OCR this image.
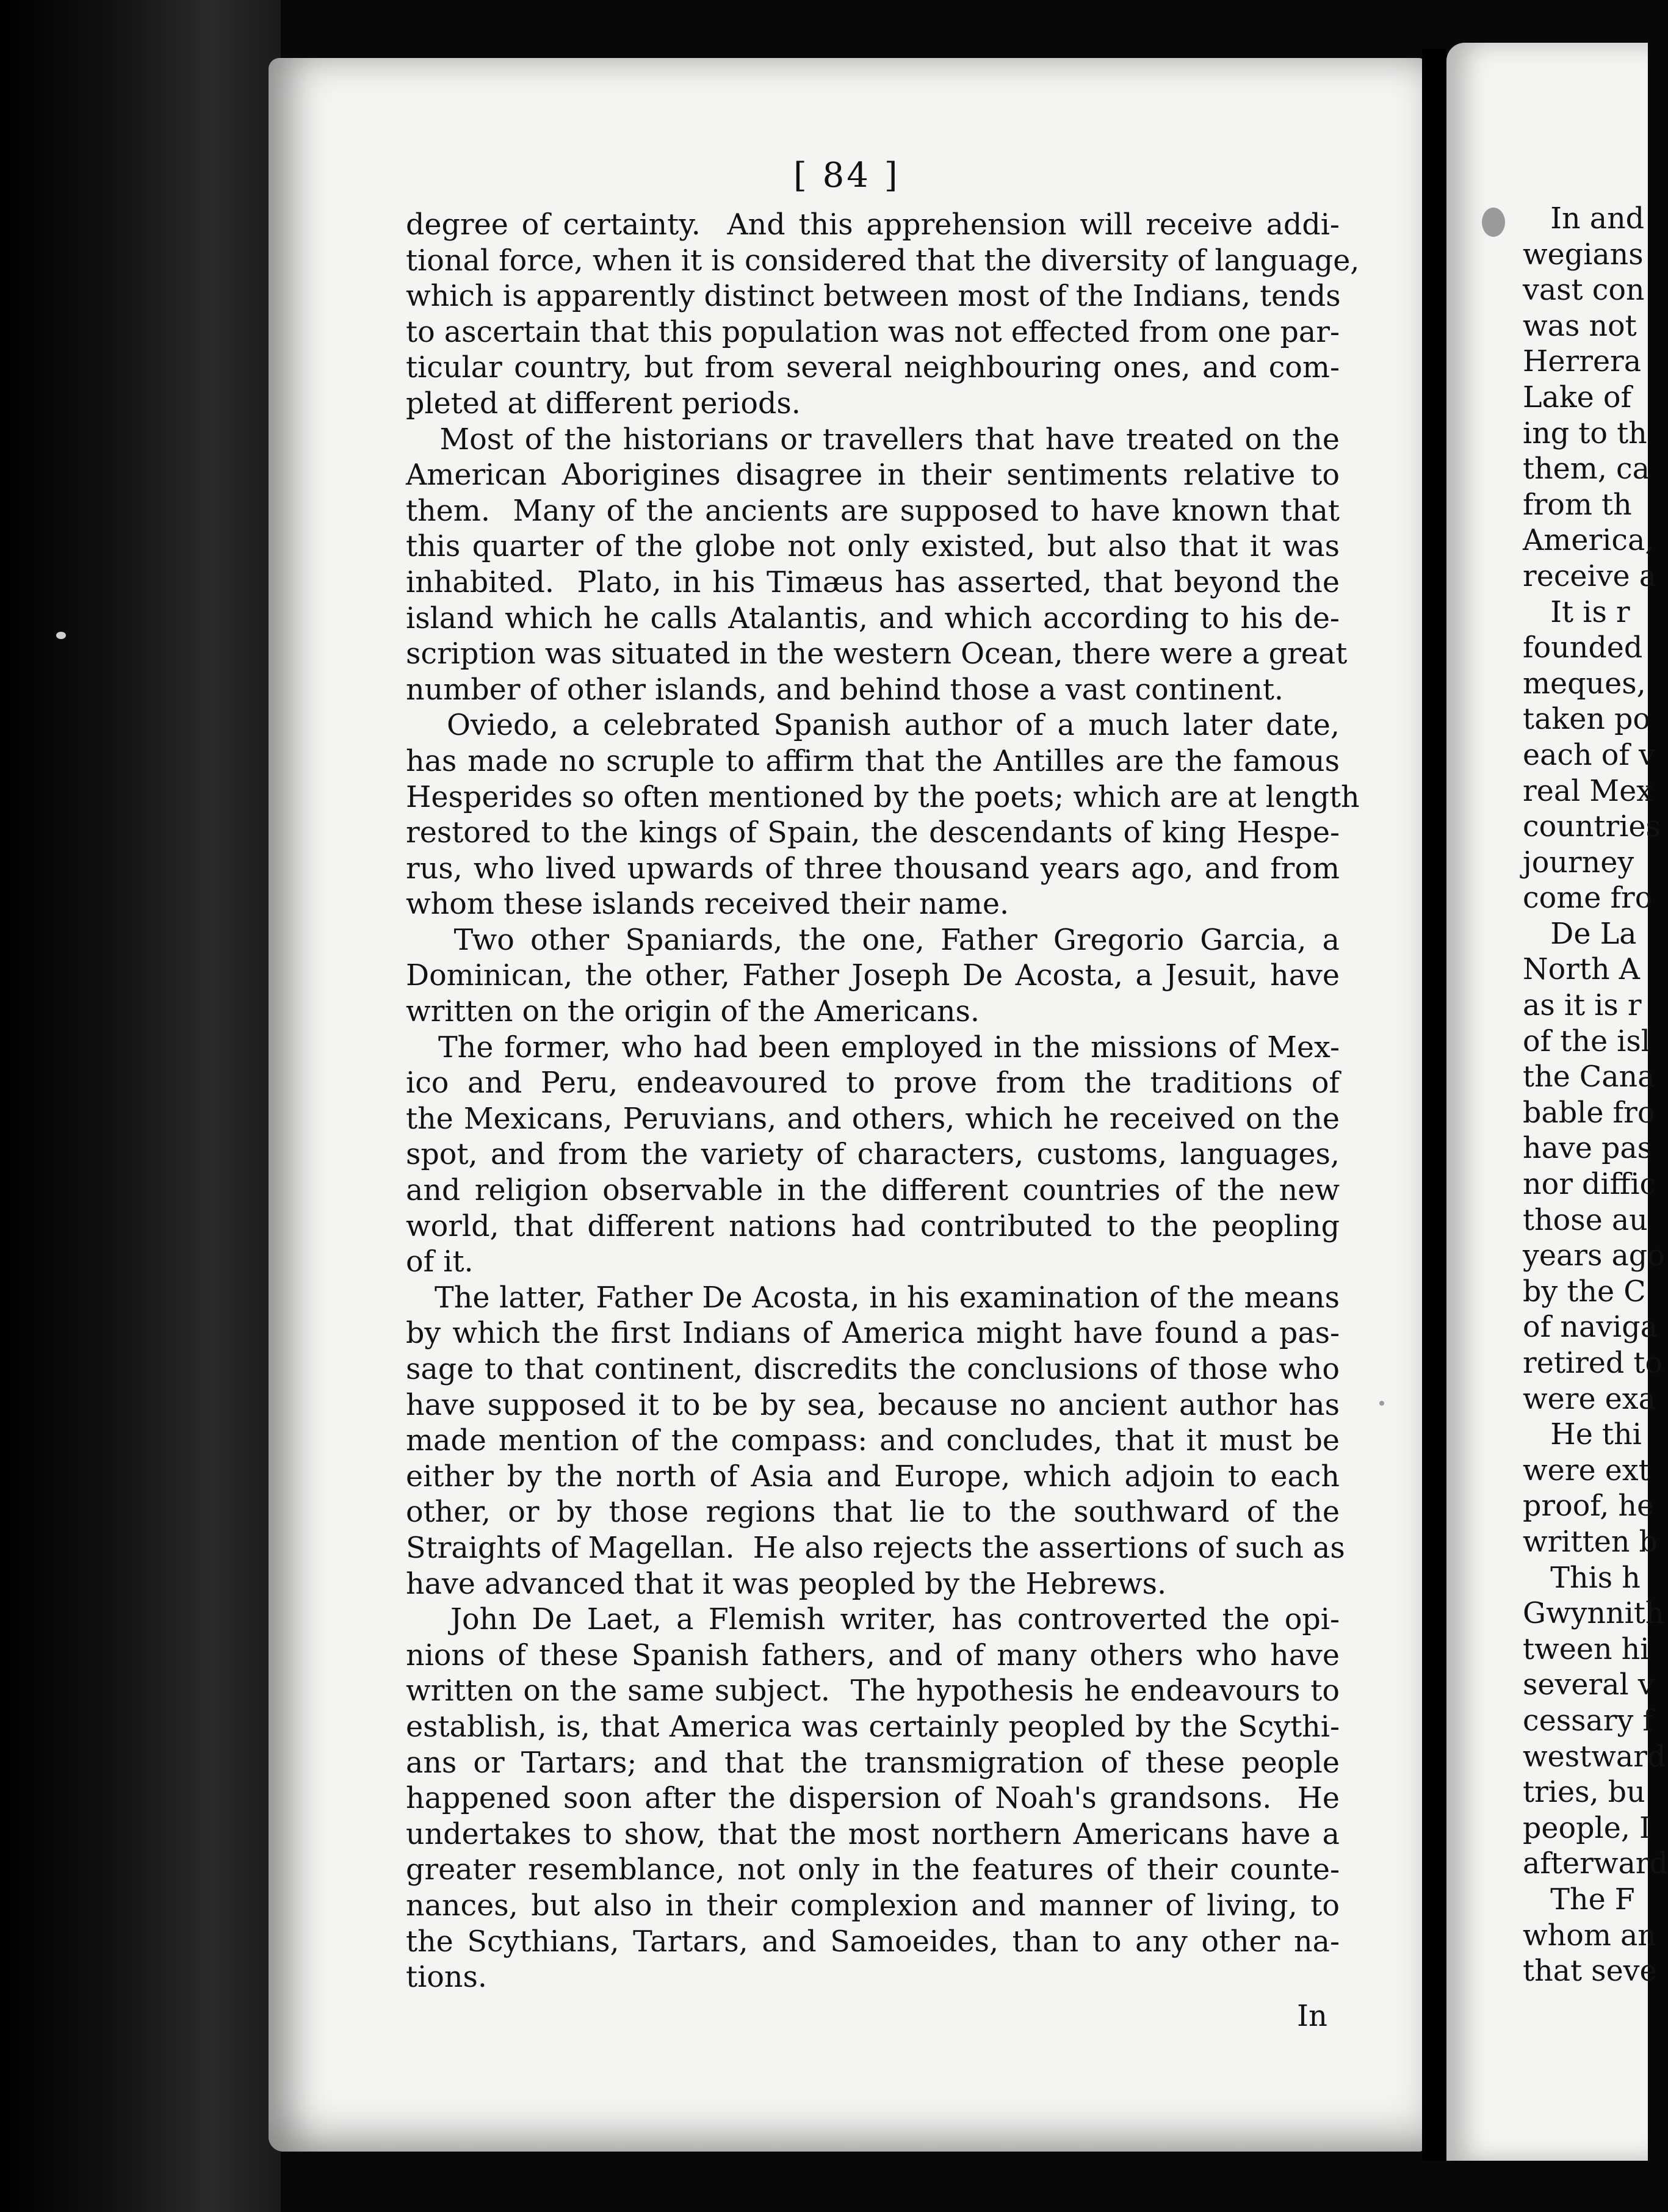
[ 84 ]
degree of certainty.  And this apprehension will receive addi-
tional force, when it is considered that the diversity of language,
which is apparently distinct between most of the Indians, tends
to ascertain that this population was not effected from one par-
ticular country, but from several neighbouring ones, and com-
pleted at different periods.
Most of the historians or travellers that have treated on the
American Aborigines disagree in their sentiments relative to
them.  Many of the ancients are supposed to have known that
this quarter of the globe not only existed, but also that it was
inhabited.  Plato, in his Timæus has asserted, that beyond the
island which he calls Atalantis, and which according to his de-
scription was situated in the western Ocean, there were a great
number of other islands, and behind those a vast continent.
Oviedo, a celebrated Spanish author of a much later date,
has made no scruple to affirm that the Antilles are the famous
Hesperides so often mentioned by the poets; which are at length
restored to the kings of Spain, the descendants of king Hespe-
rus, who lived upwards of three thousand years ago, and from
whom these islands received their name.
Two other Spaniards, the one, Father Gregorio Garcia, a
Dominican, the other, Father Joseph De Acosta, a Jesuit, have
written on the origin of the Americans.
The former, who had been employed in the missions of Mex-
ico and Peru, endeavoured to prove from the traditions of
the Mexicans, Peruvians, and others, which he received on the
spot, and from the variety of characters, customs, languages,
and religion observable in the different countries of the new
world, that different nations had contributed to the peopling
of it.
The latter, Father De Acosta, in his examination of the means
by which the first Indians of America might have found a pas-
sage to that continent, discredits the conclusions of those who
have supposed it to be by sea, because no ancient author has
made mention of the compass: and concludes, that it must be
either by the north of Asia and Europe, which adjoin to each
other, or by those regions that lie to the southward of the
Straights of Magellan.  He also rejects the assertions of such as
have advanced that it was peopled by the Hebrews.
John De Laet, a Flemish writer, has controverted the opi-
nions of these Spanish fathers, and of many others who have
written on the same subject.  The hypothesis he endeavours to
establish, is, that America was certainly peopled by the Scythi-
ans or Tartars; and that the transmigration of these people
happened soon after the dispersion of Noah's grandsons.  He
undertakes to show, that the most northern Americans have a
greater resemblance, not only in the features of their counte-
nances, but also in their complexion and manner of living, to
the Scythians, Tartars, and Samoeides, than to any other na-
tions.
In
In and
wegians
vast con
was not
Herrera
Lake of
ing to th
them, ca
from th
America,
receive a
It is r
founded
meques,
taken po
each of v
real Mex
countries
journey
come fro
De La
North A
as it is r
of the isl
the Cana
bable fro
have pas
nor diffic
those au
years ago
by the C
of naviga
retired to
were exa
He thi
were ext
proof, he
written b
This h
Gwynnith
tween hi
several v
cessary f
westward
tries, bu
people, I
afterward
The F
whom an
that seve
